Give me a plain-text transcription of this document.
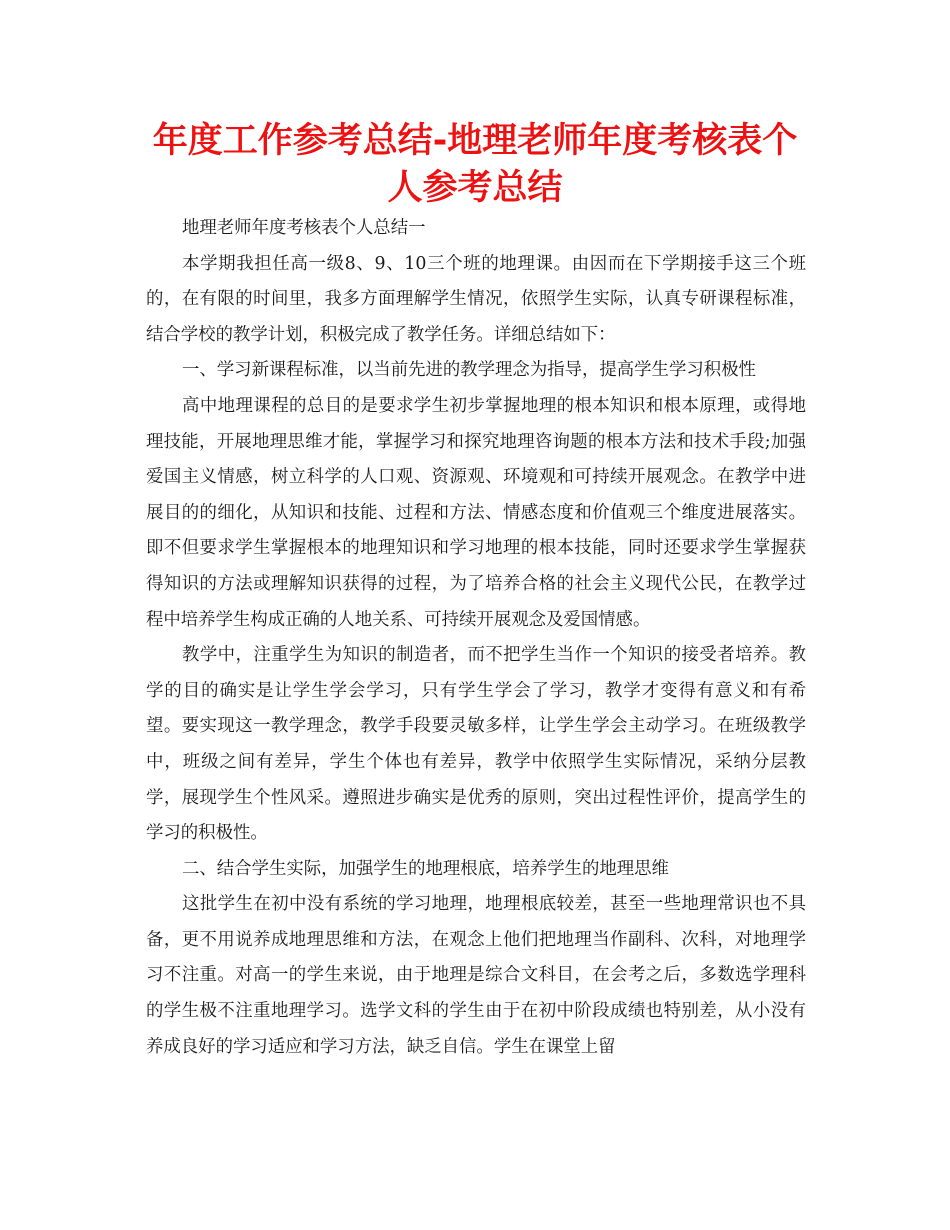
年度工作参考总结-地理老师年度考核表个人参考总结

地理老师年度考核表个人总结一

本学期我担任高一级8、9、10三个班的地理课。由因而在下学期接手这三个班的，在有限的时间里，我多方面理解学生情况，依照学生实际，认真专研课程标准，结合学校的教学计划，积极完成了教学任务。详细总结如下：

一、学习新课程标准，以当前先进的教学理念为指导，提高学生学习积极性

高中地理课程的总目的是要求学生初步掌握地理的根本知识和根本原理，或得地理技能，开展地理思维才能，掌握学习和探究地理咨询题的根本方法和技术手段;加强爱国主义情感，树立科学的人口观、资源观、环境观和可持续开展观念。在教学中进展目的的细化，从知识和技能、过程和方法、情感态度和价值观三个维度进展落实。即不但要求学生掌握根本的地理知识和学习地理的根本技能，同时还要求学生掌握获得知识的方法或理解知识获得的过程，为了培养合格的社会主义现代公民，在教学过程中培养学生构成正确的人地关系、可持续开展观念及爱国情感。

教学中，注重学生为知识的制造者，而不把学生当作一个知识的接受者培养。教学的目的确实是让学生学会学习，只有学生学会了学习，教学才变得有意义和有希望。要实现这一教学理念，教学手段要灵敏多样，让学生学会主动学习。在班级教学中，班级之间有差异，学生个体也有差异，教学中依照学生实际情况，采纳分层教学，展现学生个性风采。遵照进步确实是优秀的原则，突出过程性评价，提高学生的学习的积极性。

二、结合学生实际，加强学生的地理根底，培养学生的地理思维

这批学生在初中没有系统的学习地理，地理根底较差，甚至一些地理常识也不具备，更不用说养成地理思维和方法，在观念上他们把地理当作副科、次科，对地理学习不注重。对高一的学生来说，由于地理是综合文科目，在会考之后，多数选学理科的学生极不注重地理学习。选学文科的学生由于在初中阶段成绩也特别差，从小没有养成良好的学习适应和学习方法，缺乏自信。学生在课堂上留
